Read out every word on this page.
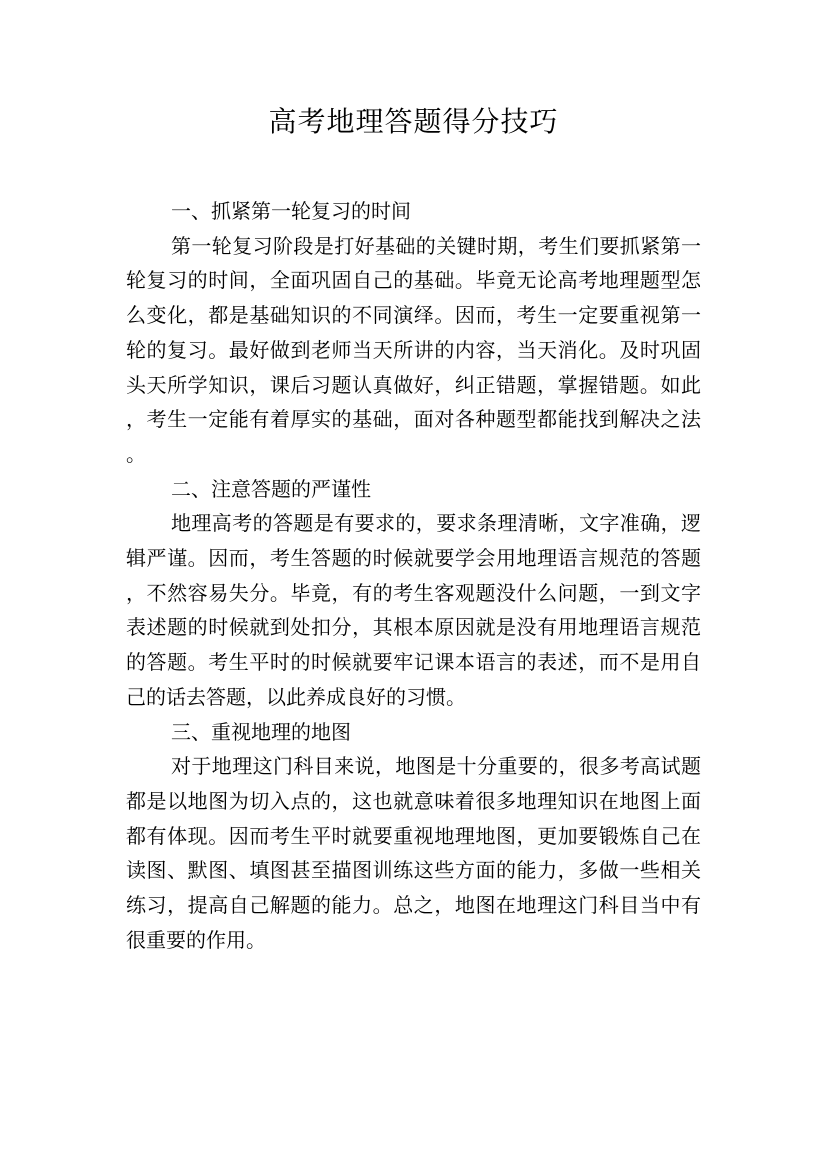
高考地理答题得分技巧
一、抓紧第一轮复习的时间

第一轮复习阶段是打好基础的关键时期，考生们要抓紧第一轮复习的时间，全面巩固自己的基础。毕竟无论高考地理题型怎么变化，都是基础知识的不同演绎。因而，考生一定要重视第一轮的复习。最好做到老师当天所讲的内容，当天消化。及时巩固头天所学知识，课后习题认真做好，纠正错题，掌握错题。如此，考生一定能有着厚实的基础，面对各种题型都能找到解决之法。

二、注意答题的严谨性

地理高考的答题是有要求的，要求条理清晰，文字准确，逻辑严谨。因而，考生答题的时候就要学会用地理语言规范的答题，不然容易失分。毕竟，有的考生客观题没什么问题，一到文字表述题的时候就到处扣分，其根本原因就是没有用地理语言规范的答题。考生平时的时候就要牢记课本语言的表述，而不是用自己的话去答题，以此养成良好的习惯。

三、重视地理的地图

对于地理这门科目来说，地图是十分重要的，很多考高试题都是以地图为切入点的，这也就意味着很多地理知识在地图上面都有体现。因而考生平时就要重视地理地图，更加要锻炼自己在读图、默图、填图甚至描图训练这些方面的能力，多做一些相关练习，提高自己解题的能力。总之，地图在地理这门科目当中有很重要的作用。
